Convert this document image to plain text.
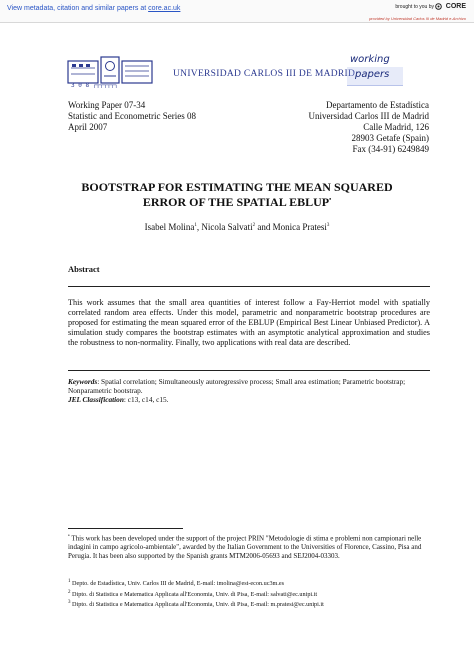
View metadata, citation and similar papers at core.ac.uk	brought to you by CORE
provided by Universidad Carlos III de Madrid e-Archivo
3 0 8 ┌┬┬┬┬┬┐
UNIVERSIDAD CARLOS III DE MADRID
working
papers
Working Paper 07-34
Statistic and Econometric Series 08
April 2007
Departamento de Estadística
Universidad Carlos III de Madrid
Calle Madrid, 126
28903 Getafe (Spain)
Fax (34-91) 6249849
BOOTSTRAP FOR ESTIMATING THE MEAN SQUARED
ERROR OF THE SPATIAL EBLUP•
Isabel Molina$^1$, Nicola Salvati$^2$ and Monica Pratesi$^3$
Abstract
This work assumes that the small area quantities of interest follow a Fay-Herriot model with spatially correlated random area effects. Under this model, parametric and nonparametric bootstrap procedures are proposed for estimating the mean squared error of the EBLUP (Empirical Best Linear Unbiased Predictor). A simulation study compares the bootstrap estimates with an asymptotic analytical approximation and studies the robustness to non-normality. Finally, two applications with real data are described.
Keywords: Spatial correlation; Simultaneously autoregressive process; Small area estimation; Parametric bootstrap; Nonparametric bootstrap.
JEL Classification: c13, c14, c15.
• This work has been developed under the support of the project PRIN "Metodologie di stima e problemi non campionari nelle indagini in campo agricolo-ambientale", awarded by the Italian Government to the Universities of Florence, Cassino, Pisa and Perugia. It has been also supported by the Spanish grants MTM2006-05693 and SEJ2004-03303.
$^1$ Depto. de Estadística, Univ. Carlos III de Madrid, E-mail: imolina@est-econ.uc3m.es
$^2$ Dipto. di Statistica e Matematica Applicata all'Economia, Univ. di Pisa, E-mail: salvati@ec.unipi.it
$^3$ Dipto. di Statistica e Matematica Applicata all'Economia, Univ. di Pisa, E-mail: m.pratesi@ec.unipi.it
